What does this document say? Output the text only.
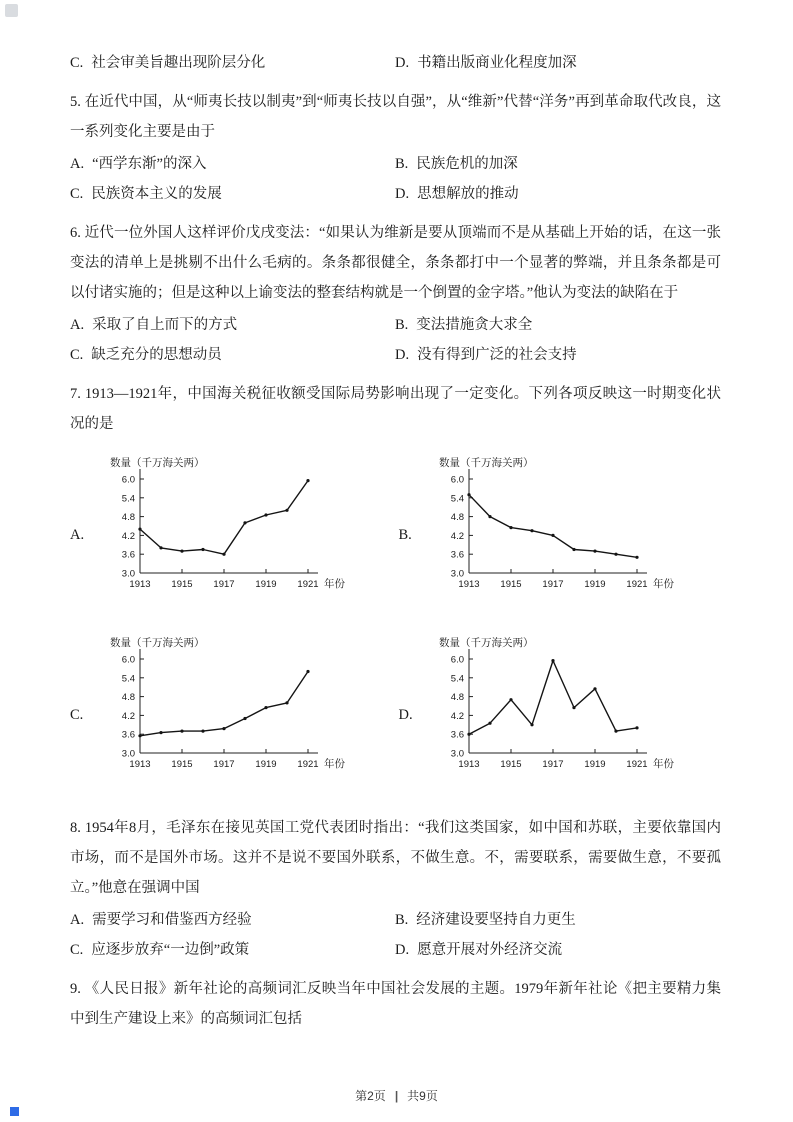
C. 社会审美旨趣出现阶层分化	D. 书籍出版商业化程度加深

5. 在近代中国，从“师夷长技以制夷”到“师夷长技以自强”，从“维新”代替“洋务”再到革命取代改良，这一系列变化主要是由于

A. “西学东渐”的深入	B. 民族危机的加深
C. 民族资本主义的发展	D. 思想解放的推动

6. 近代一位外国人这样评价戊戌变法：“如果认为维新是要从顶端而不是从基础上开始的话，在这一张变法的清单上是挑剔不出什么毛病的。条条都很健全，条条都打中一个显著的弊端，并且条条都是可以付诸实施的；但是这种以上谕变法的整套结构就是一个倒置的金字塔。”他认为变法的缺陷在于

A. 采取了自上而下的方式	B. 变法措施贪大求全
C. 缺乏充分的思想动员	D. 没有得到广泛的社会支持

7. 1913—1921年，中国海关税征收额受国际局势影响出现了一定变化。下列各项反映这一时期变化状况的是

A.
数量（千万海关两）
3.0
3.6
4.2
4.8
5.4
6.0
1913 1915 1917 1919 1921 年份
B.
数量（千万海关两）
3.0
3.6
4.2
4.8
5.4
6.0
1913 1915 1917 1919 1921 年份
C.
数量（千万海关两）
3.0
3.6
4.2
4.8
5.4
6.0
1913 1915 1917 1919 1921 年份
D.
数量（千万海关两）
3.0
3.6
4.2
4.8
5.4
6.0
1913 1915 1917 1919 1921 年份

8. 1954年8月，毛泽东在接见英国工党代表团时指出：“我们这类国家，如中国和苏联，主要依靠国内市场，而不是国外市场。这并不是说不要国外联系，不做生意。不，需要联系，需要做生意，不要孤立。”他意在强调中国

A. 需要学习和借鉴西方经验	B. 经济建设要坚持自力更生
C. 应逐步放弃“一边倒”政策	D. 愿意开展对外经济交流

9. 《人民日报》新年社论的高频词汇反映当年中国社会发展的主题。1979年新年社论《把主要精力集中到生产建设上来》的高频词汇包括

第2页 | 共9页
